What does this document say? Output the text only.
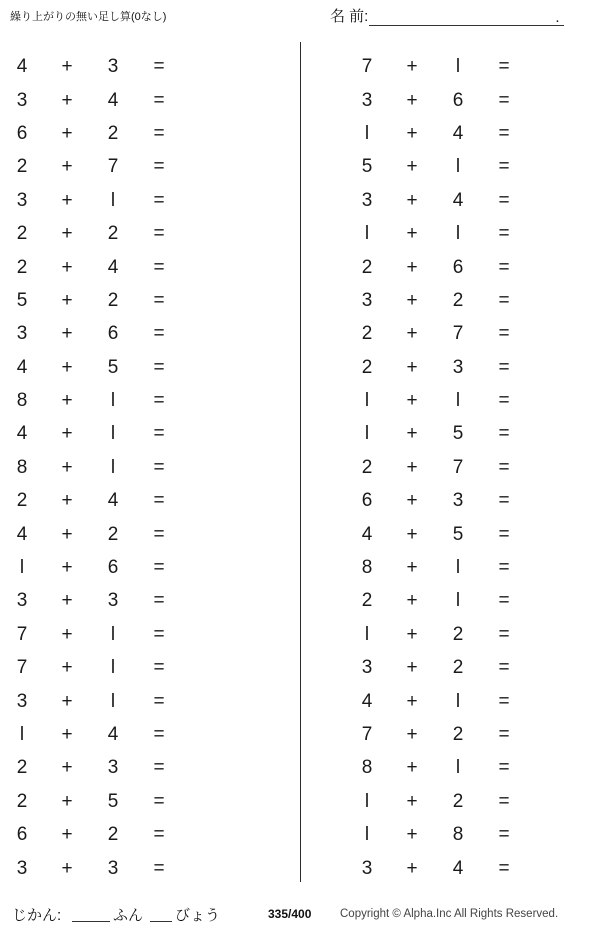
繰り上がりの無い足し算(0なし)	名 前:	.
4	+	3	=
3	+	4	=
6	+	2	=
2	+	7	=
3	+	l	=
2	+	2	=
2	+	4	=
5	+	2	=
3	+	6	=
4	+	5	=
8	+	l	=
4	+	l	=
8	+	l	=
2	+	4	=
4	+	2	=
l	+	6	=
3	+	3	=
7	+	l	=
7	+	l	=
3	+	l	=
l	+	4	=
2	+	3	=
2	+	5	=
6	+	2	=
3	+	3	=
7	+	l	=
3	+	6	=
l	+	4	=
5	+	l	=
3	+	4	=
l	+	l	=
2	+	6	=
3	+	2	=
2	+	7	=
2	+	3	=
l	+	l	=
l	+	5	=
2	+	7	=
6	+	3	=
4	+	5	=
8	+	l	=
2	+	l	=
l	+	2	=
3	+	2	=
4	+	l	=
7	+	2	=
8	+	l	=
l	+	2	=
l	+	8	=
3	+	4	=
じかん:	ふん びょう	335/400 Copyright © Alpha.Inc All Rights Reserved.
